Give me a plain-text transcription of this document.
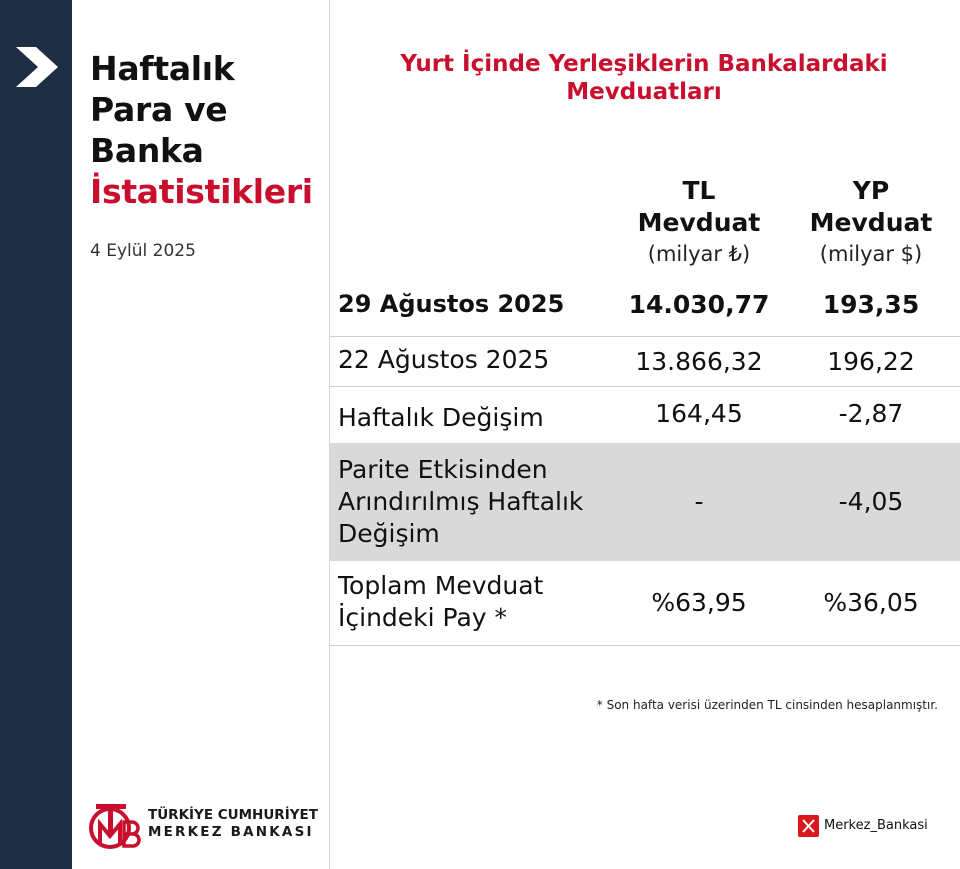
Haftalık
Para ve
Banka
İstatistikleri
4 Eylül 2025
TÜRKİYE CUMHURİYET
MERKEZ BANKASI
Yurt İçinde Yerleşiklerin Bankalardaki
Mevduatları
TL
Mevduat
(milyar ₺)
YP
Mevduat
(milyar $)
29 Ağustos 2025	14.030,77	193,35
22 Ağustos 2025	13.866,32	196,22
Haftalık Değişim	164,45	-2,87
Parite Etkisinden
Arındırılmış Haftalık
Değişim
-	-4,05
Toplam Mevduat
İçindeki Pay *
%63,95	%36,05
* Son hafta verisi üzerinden TL cinsinden hesaplanmıştır.
Merkez_Bankasi
